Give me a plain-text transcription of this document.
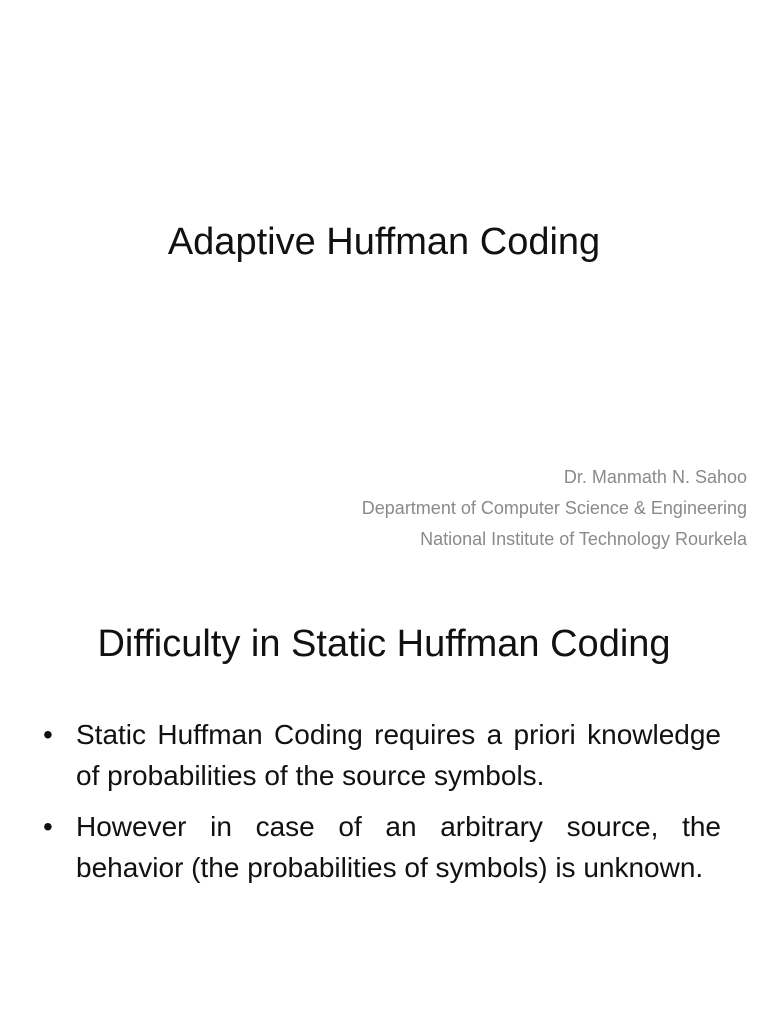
Adaptive Huffman Coding
Dr. Manmath N. Sahoo
Department of Computer Science & Engineering
National Institute of Technology Rourkela
Difficulty in Static Huffman Coding
• Static Huffman Coding requires a priori knowledge of probabilities of the source symbols.
• However in case of an arbitrary source, the behavior (the probabilities of symbols) is unknown.
